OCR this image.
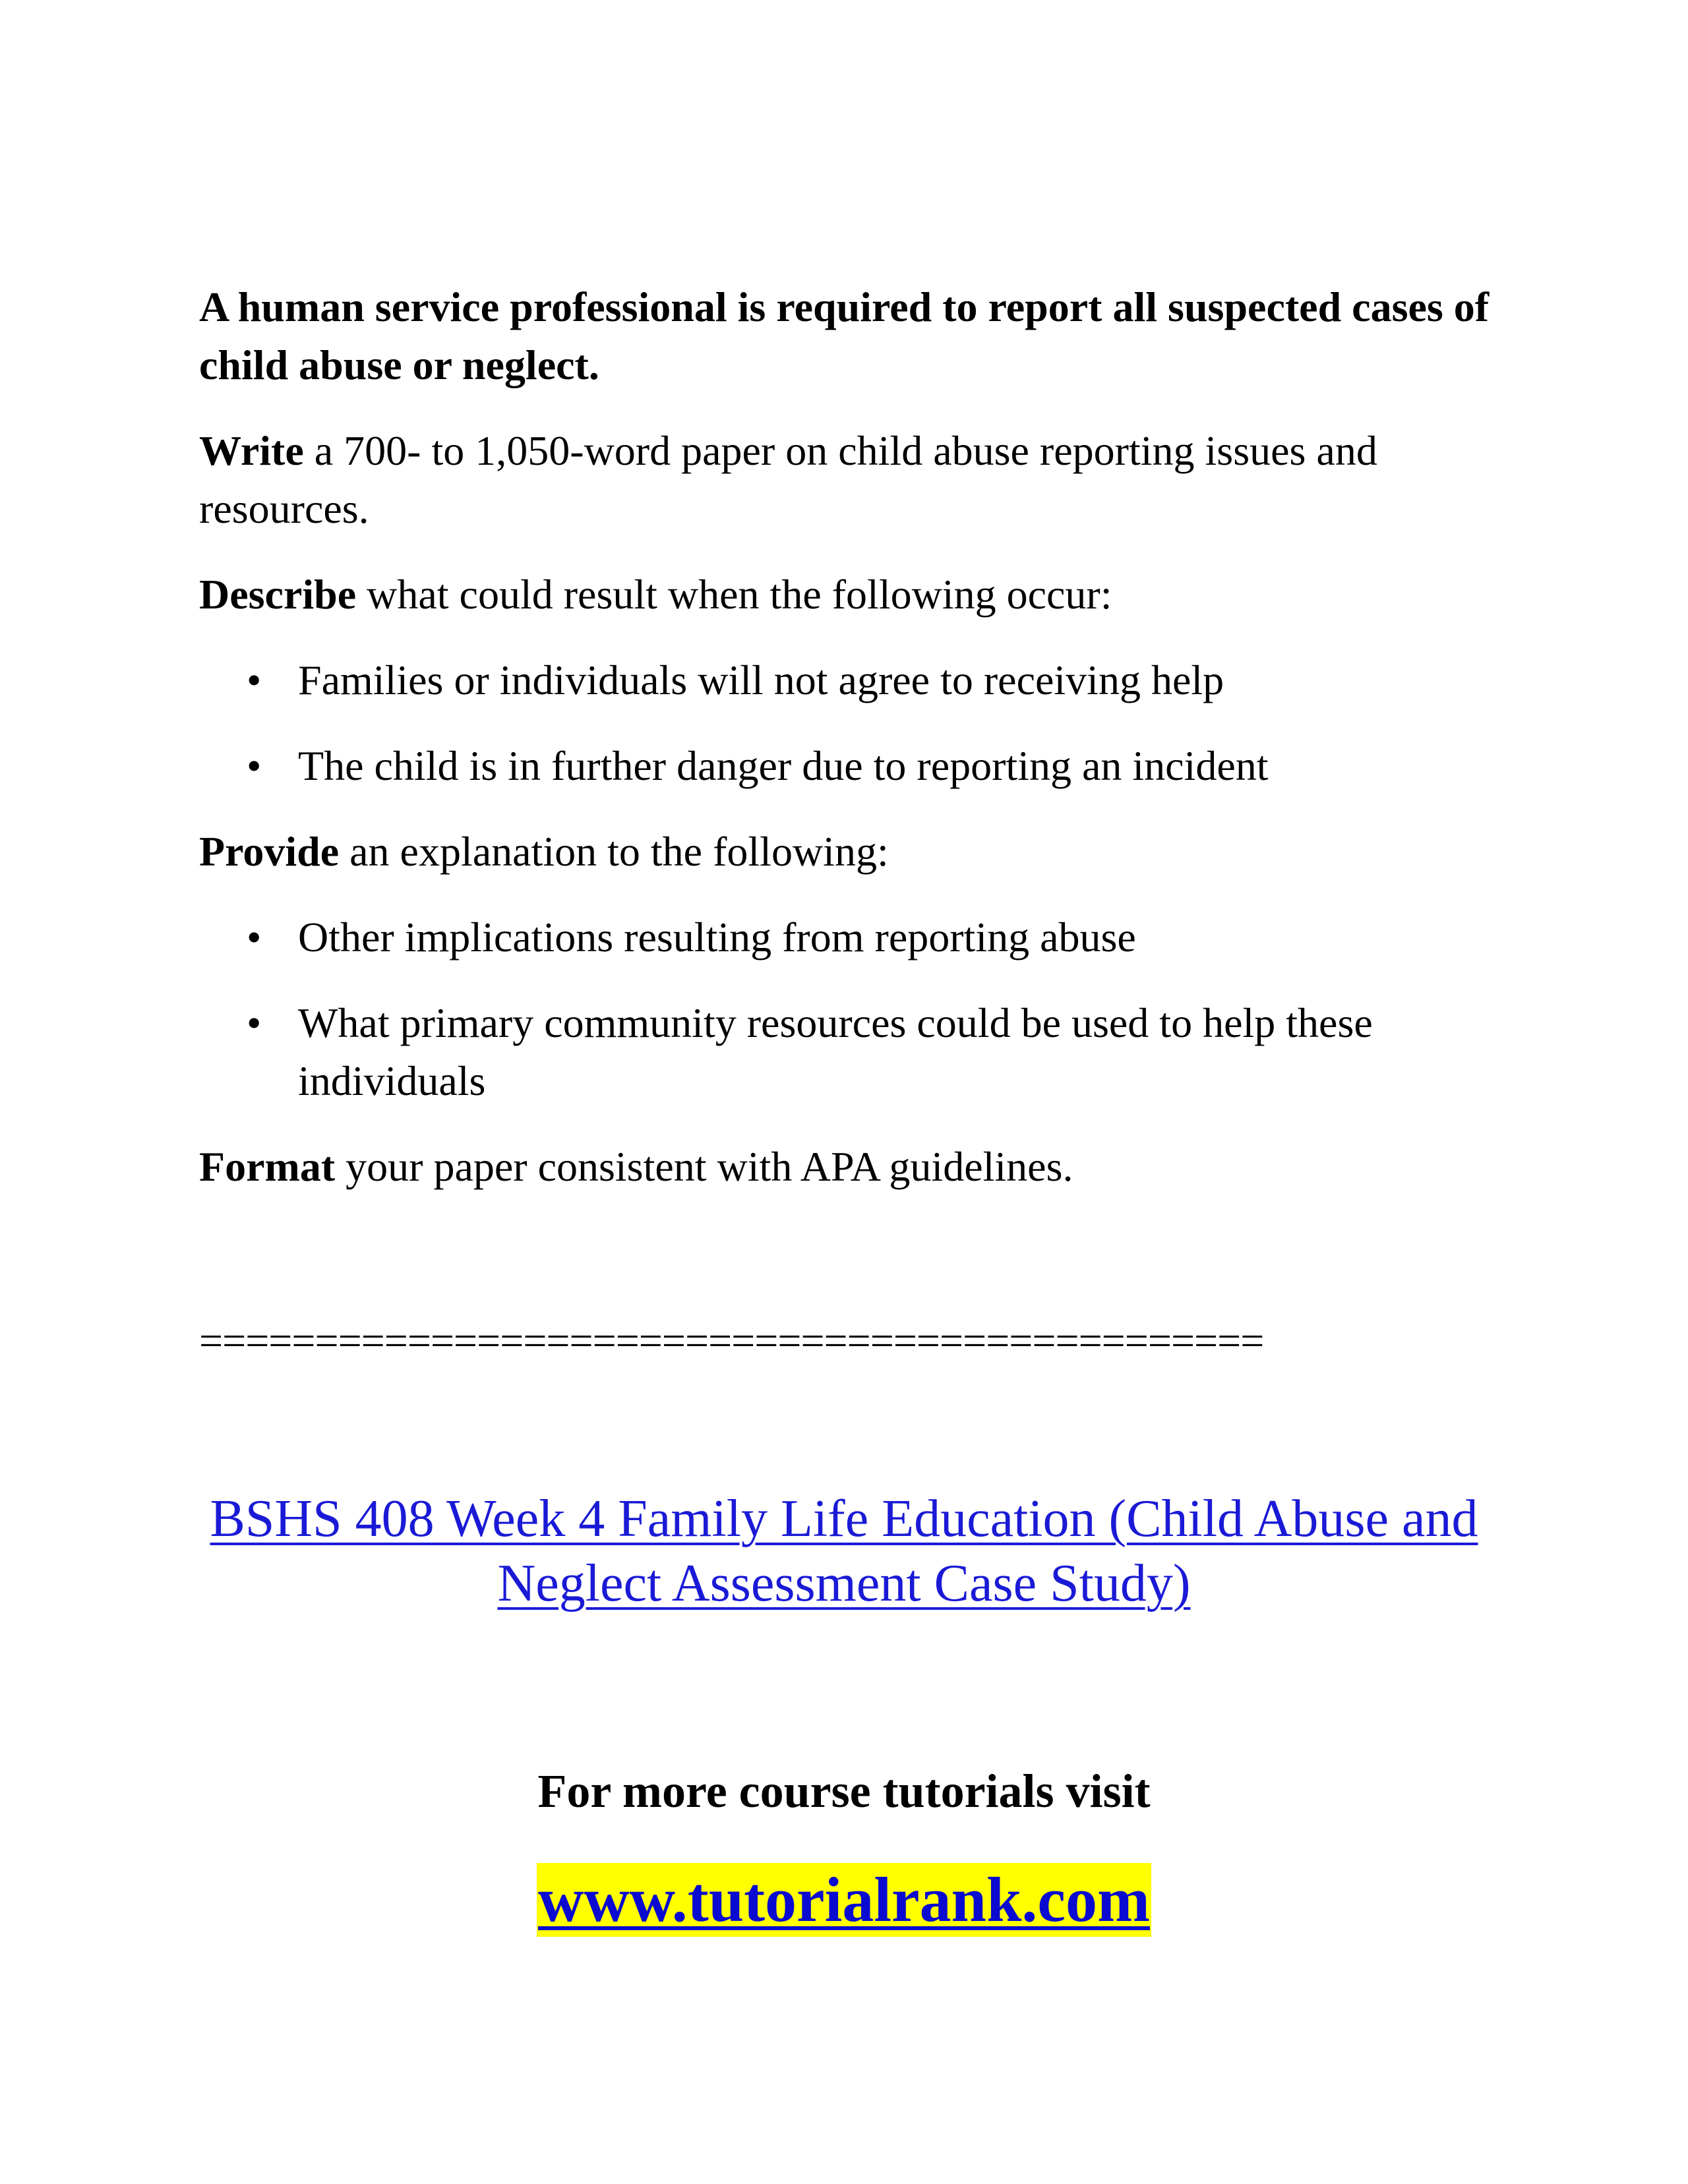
A human service professional is required to report all suspected cases of child abuse or neglect.

Write a 700- to 1,050-word paper on child abuse reporting issues and resources.

Describe what could result when the following occur:

• Families or individuals will not agree to receiving help
• The child is in further danger due to reporting an incident

Provide an explanation to the following:

• Other implications resulting from reporting abuse
• What primary community resources could be used to help these individuals

Format your paper consistent with APA guidelines.

==============================================

BSHS 408 Week 4 Family Life Education (Child Abuse and Neglect Assessment Case Study)

For more course tutorials visit

www.tutorialrank.com
